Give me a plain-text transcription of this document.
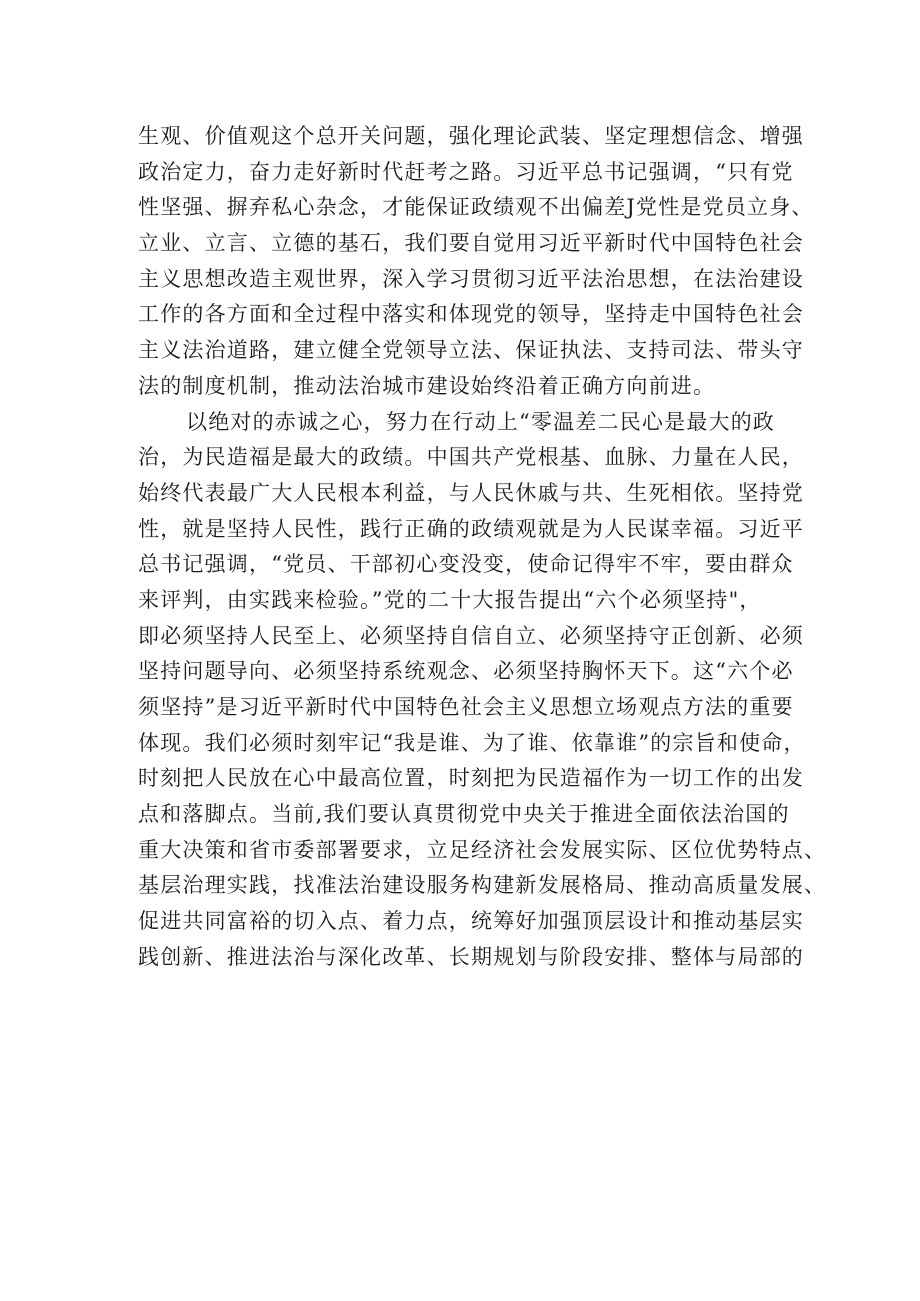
生观、价值观这个总开关问题，强化理论武装、坚定理想信念、增强
政治定力，奋力走好新时代赶考之路。习近平总书记强调，“只有党
性坚强、摒弃私心杂念，才能保证政绩观不出偏差J党性是党员立身、
立业、立言、立德的基石，我们要自觉用习近平新时代中国特色社会
主义思想改造主观世界，深入学习贯彻习近平法治思想，在法治建设
工作的各方面和全过程中落实和体现党的领导，坚持走中国特色社会
主义法治道路，建立健全党领导立法、保证执法、支持司法、带头守
法的制度机制，推动法治城市建设始终沿着正确方向前进。
以绝对的赤诚之心，努力在行动上“零温差二民心是最大的政
治，为民造福是最大的政绩。中国共产党根基、血脉、力量在人民，
始终代表最广大人民根本利益，与人民休戚与共、生死相依。坚持党
性，就是坚持人民性，践行正确的政绩观就是为人民谋幸福。习近平
总书记强调，“党员、干部初心变没变，使命记得牢不牢，要由群众
来评判，由实践来检验。”党的二十大报告提出“六个必须坚持"，
即必须坚持人民至上、必须坚持自信自立、必须坚持守正创新、必须
坚持问题导向、必须坚持系统观念、必须坚持胸怀天下。这“六个必
须坚持”是习近平新时代中国特色社会主义思想立场观点方法的重要
体现。我们必须时刻牢记“我是谁、为了谁、依靠谁”的宗旨和使命，
时刻把人民放在心中最高位置，时刻把为民造福作为一切工作的出发
点和落脚点。当前,我们要认真贯彻党中央关于推进全面依法治国的
重大决策和省市委部署要求，立足经济社会发展实际、区位优势特点、
基层治理实践，找准法治建设服务构建新发展格局、推动高质量发展、
促进共同富裕的切入点、着力点，统筹好加强顶层设计和推动基层实
践创新、推进法治与深化改革、长期规划与阶段安排、整体与局部的
